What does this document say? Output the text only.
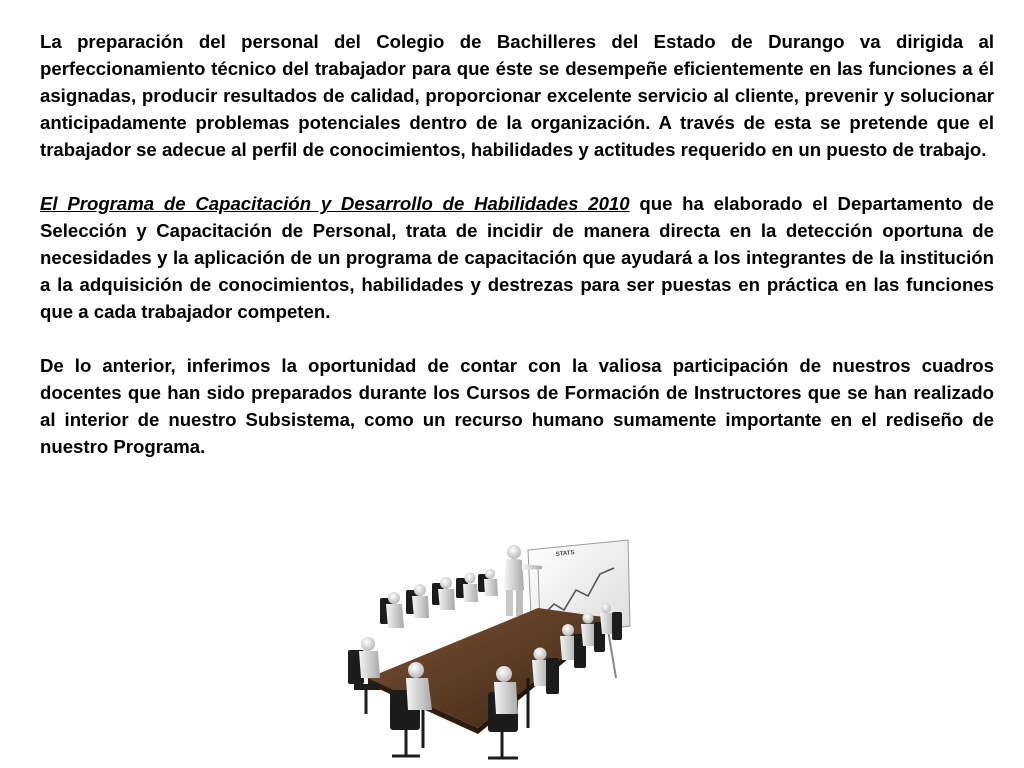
La preparación del personal del Colegio de Bachilleres del Estado de Durango va dirigida al perfeccionamiento técnico del trabajador para que éste se desempeñe eficientemente en las funciones a él asignadas, producir resultados de calidad, proporcionar excelente servicio al cliente, prevenir y solucionar anticipadamente problemas potenciales dentro de la organización. A través de esta se pretende que el trabajador se adecue al perfil de conocimientos, habilidades y actitudes requerido en un puesto de trabajo.

El Programa de Capacitación y Desarrollo de Habilidades 2010 que ha elaborado el Departamento de Selección y Capacitación de Personal, trata de incidir de manera directa en la detección oportuna de necesidades y la aplicación de un programa de capacitación que ayudará a los integrantes de la institución a la adquisición de conocimientos, habilidades y destrezas para ser puestas en práctica en las funciones que a cada trabajador competen.

De lo anterior, inferimos la oportunidad de contar con la valiosa participación de nuestros cuadros docentes que han sido preparados durante los Cursos de Formación de Instructores que se han realizado al interior de nuestro Subsistema, como un recurso humano sumamente importante en el rediseño de nuestro Programa.

STATS
